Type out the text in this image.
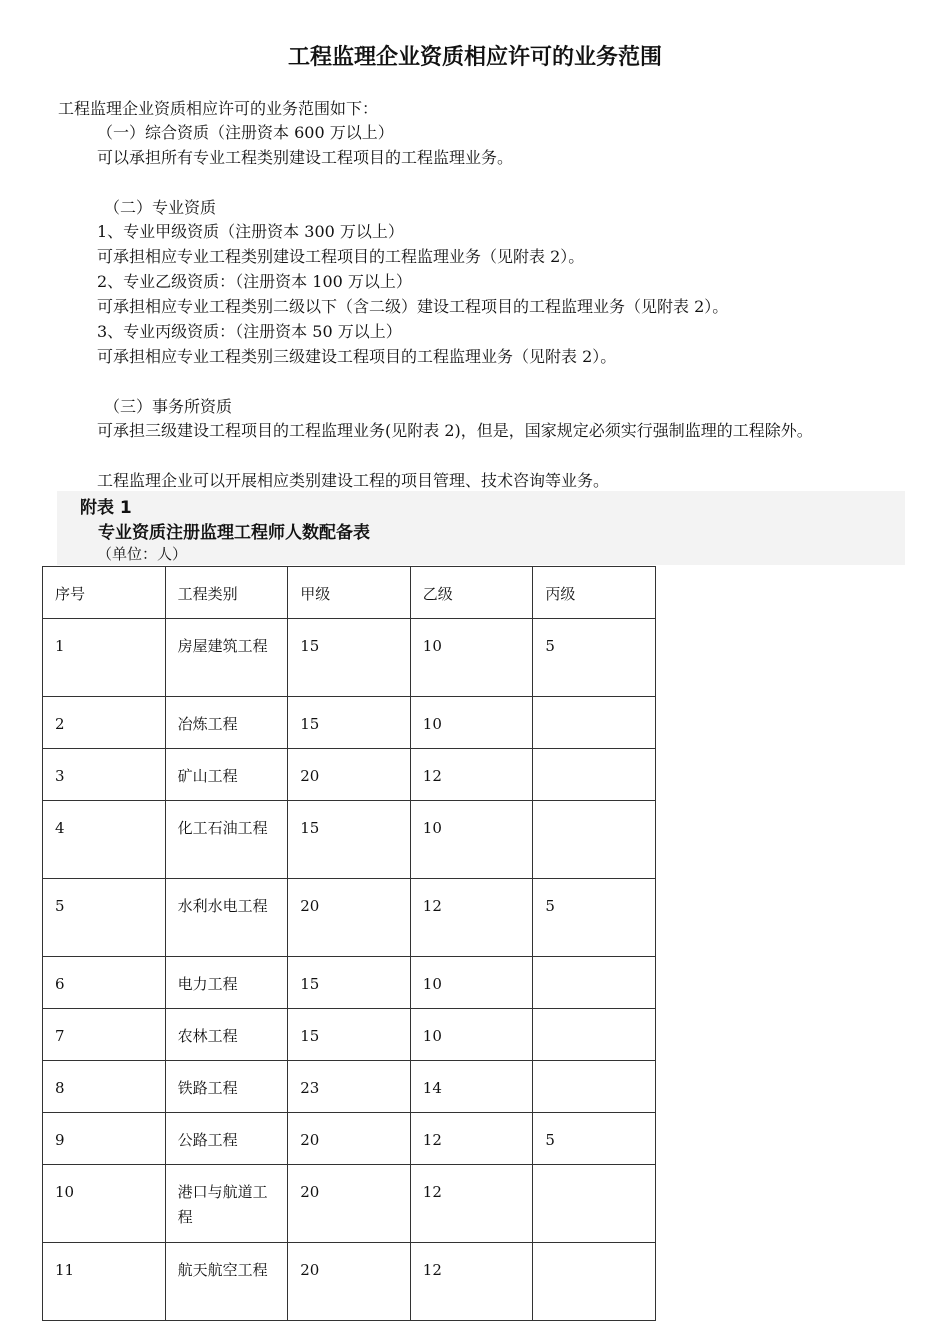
工程监理企业资质相应许可的业务范围
工程监理企业资质相应许可的业务范围如下：
（一）综合资质（注册资本 600 万以上）
可以承担所有专业工程类别建设工程项目的工程监理业务。
（二）专业资质
1、专业甲级资质（注册资本 300 万以上）
可承担相应专业工程类别建设工程项目的工程监理业务（见附表 2）。
2、专业乙级资质：（注册资本 100 万以上）
可承担相应专业工程类别二级以下（含二级）建设工程项目的工程监理业务（见附表 2）。
3、专业丙级资质：（注册资本 50 万以上）
可承担相应专业工程类别三级建设工程项目的工程监理业务（见附表 2）。
（三）事务所资质
可承担三级建设工程项目的工程监理业务(见附表 2)，但是，国家规定必须实行强制监理的工程除外。
工程监理企业可以开展相应类别建设工程的项目管理、技术咨询等业务。
附表 1
专业资质注册监理工程师人数配备表
（单位：人）
序号	工程类别	甲级	乙级	丙级
1	房屋建筑工程	15	10	5
2	冶炼工程	15	10	
3	矿山工程	20	12	
4	化工石油工程	15	10	
5	水利水电工程	20	12	5
6	电力工程	15	10	
7	农林工程	15	10	
8	铁路工程	23	14	
9	公路工程	20	12	5
10	港口与航道工程	20	12	
11	航天航空工程	20	12	
